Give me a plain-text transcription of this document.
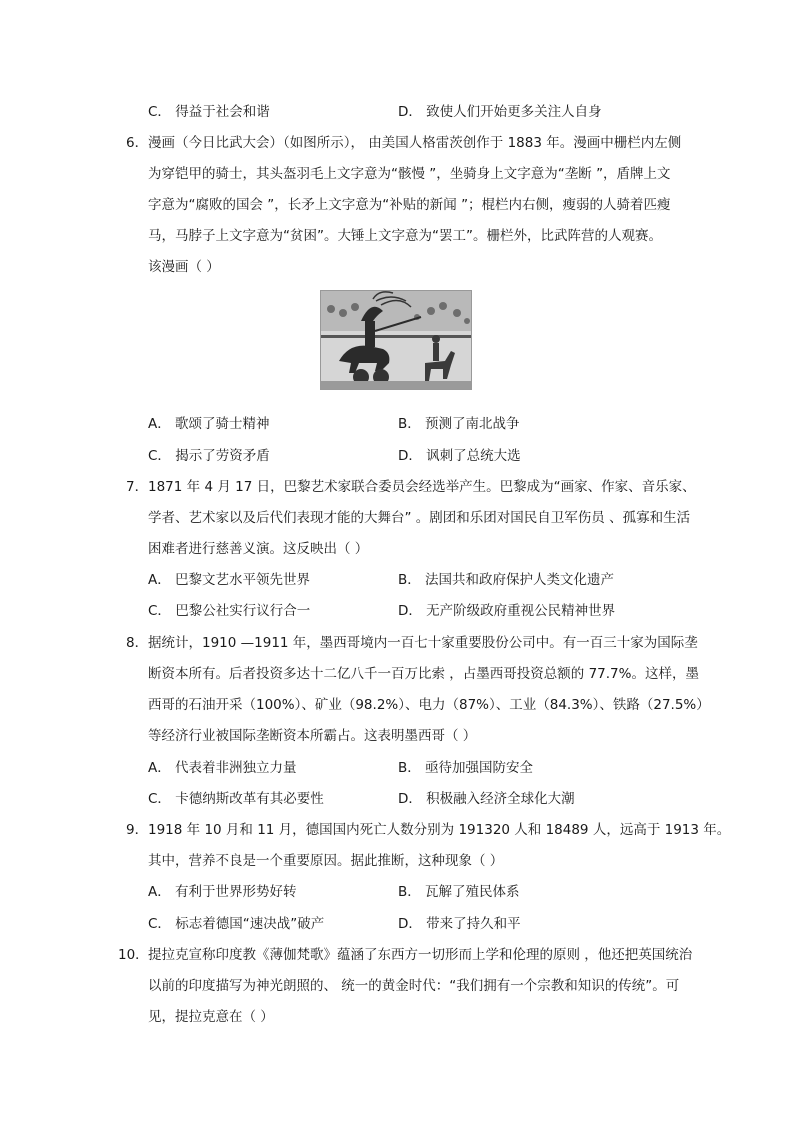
C． 得益于社会和谐	D． 致使人们开始更多关注人自身
6． 漫画（今日比武大会）（如图所示）， 由美国人格雷茨创作于 1883 年。漫画中栅栏内左侧
为穿铠甲的骑士，其头盔羽毛上文字意为“骸慢 ”，坐骑身上文字意为“垄断 ”，盾牌上文
字意为“腐败的国会 ”，长矛上文字意为“补贴的新闻 ”；棍栏内右侧，瘦弱的人骑着匹瘦
马，马脖子上文字意为“贫困”。大锤上文字意为“罢工”。栅栏外，比武阵营的人观赛。
该漫画（ ）
A． 歌颂了骑士精神	B． 预测了南北战争
C． 揭示了劳资矛盾	D． 讽刺了总统大选
7． 1871 年 4 月 17 日，巴黎艺术家联合委员会经选举产生。巴黎成为“画家、作家、音乐家、
学者、艺术家以及后代们表现才能的大舞台” 。剧团和乐团对国民自卫军伤员 、孤寡和生活
困难者进行慈善义演。这反映出（ ）
A． 巴黎文艺水平领先世界	B． 法国共和政府保护人类文化遗产
C． 巴黎公社实行议行合一	D． 无产阶级政府重视公民精神世界
8． 据统计，1910 —1911 年，墨西哥境内一百七十家重要股份公司中。有一百三十家为国际垄
断资本所有。后者投资多达十二亿八千一百万比索 ，占墨西哥投资总额的 77.7%。这样，墨
西哥的石油开采（100%）、矿业（98.2%）、电力（87%）、工业（84.3%）、铁路（27.5%）
等经济行业被国际垄断资本所霸占。这表明墨西哥（ ）
A． 代表着非洲独立力量	B． 亟待加强国防安全
C． 卡德纳斯改革有其必要性	D． 积极融入经济全球化大潮
9． 1918 年 10 月和 11 月，德国国内死亡人数分别为 191320 人和 18489 人，远高于 1913 年。
其中，营养不良是一个重要原因。据此推断，这种现象（ ）
A． 有利于世界形势好转	B． 瓦解了殖民体系
C． 标志着德国“速决战”破产	D． 带来了持久和平
10． 提拉克宣称印度教《薄伽梵歌》蕴涵了东西方一切形而上学和伦理的原则 ，他还把英国统治
以前的印度描写为神光朗照的、 统一的黄金时代：“我们拥有一个宗教和知识的传统”。可
见，提拉克意在（ ）
